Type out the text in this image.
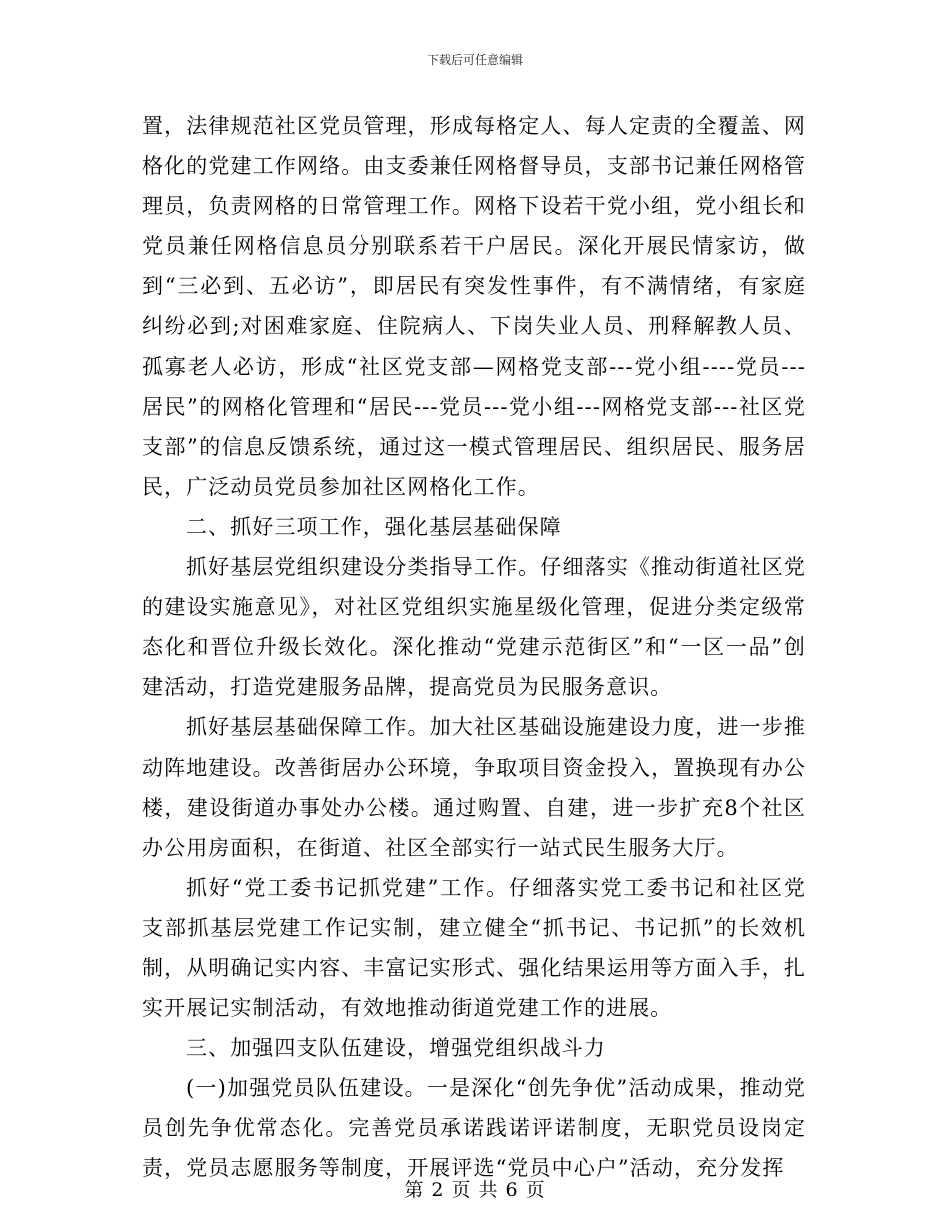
下载后可任意编辑

置，法律规范社区党员管理，形成每格定人、每人定责的全覆盖、网格化的党建工作网络。由支委兼任网格督导员，支部书记兼任网格管理员，负责网格的日常管理工作。网格下设若干党小组，党小组长和党员兼任网格信息员分别联系若干户居民。深化开展民情家访，做到“三必到、五必访”，即居民有突发性事件，有不满情绪，有家庭纠纷必到;对困难家庭、住院病人、下岗失业人员、刑释解教人员、孤寡老人必访，形成“社区党支部—网格党支部---党小组----党员---居民”的网格化管理和“居民---党员---党小组---网格党支部---社区党支部”的信息反馈系统，通过这一模式管理居民、组织居民、服务居民，广泛动员党员参加社区网格化工作。

二、抓好三项工作，强化基层基础保障

抓好基层党组织建设分类指导工作。仔细落实《推动街道社区党的建设实施意见》，对社区党组织实施星级化管理，促进分类定级常态化和晋位升级长效化。深化推动“党建示范街区”和“一区一品”创建活动，打造党建服务品牌，提高党员为民服务意识。

抓好基层基础保障工作。加大社区基础设施建设力度，进一步推动阵地建设。改善街居办公环境，争取项目资金投入，置换现有办公楼，建设街道办事处办公楼。通过购置、自建，进一步扩充8个社区办公用房面积，在街道、社区全部实行一站式民生服务大厅。

抓好“党工委书记抓党建”工作。仔细落实党工委书记和社区党支部抓基层党建工作记实制，建立健全“抓书记、书记抓”的长效机制，从明确记实内容、丰富记实形式、强化结果运用等方面入手，扎实开展记实制活动，有效地推动街道党建工作的进展。

三、加强四支队伍建设，增强党组织战斗力

(一)加强党员队伍建设。一是深化“创先争优”活动成果，推动党员创先争优常态化。完善党员承诺践诺评诺制度，无职党员设岗定责，党员志愿服务等制度，开展评选“党员中心户”活动，充分发挥

第 2 页 共 6 页
